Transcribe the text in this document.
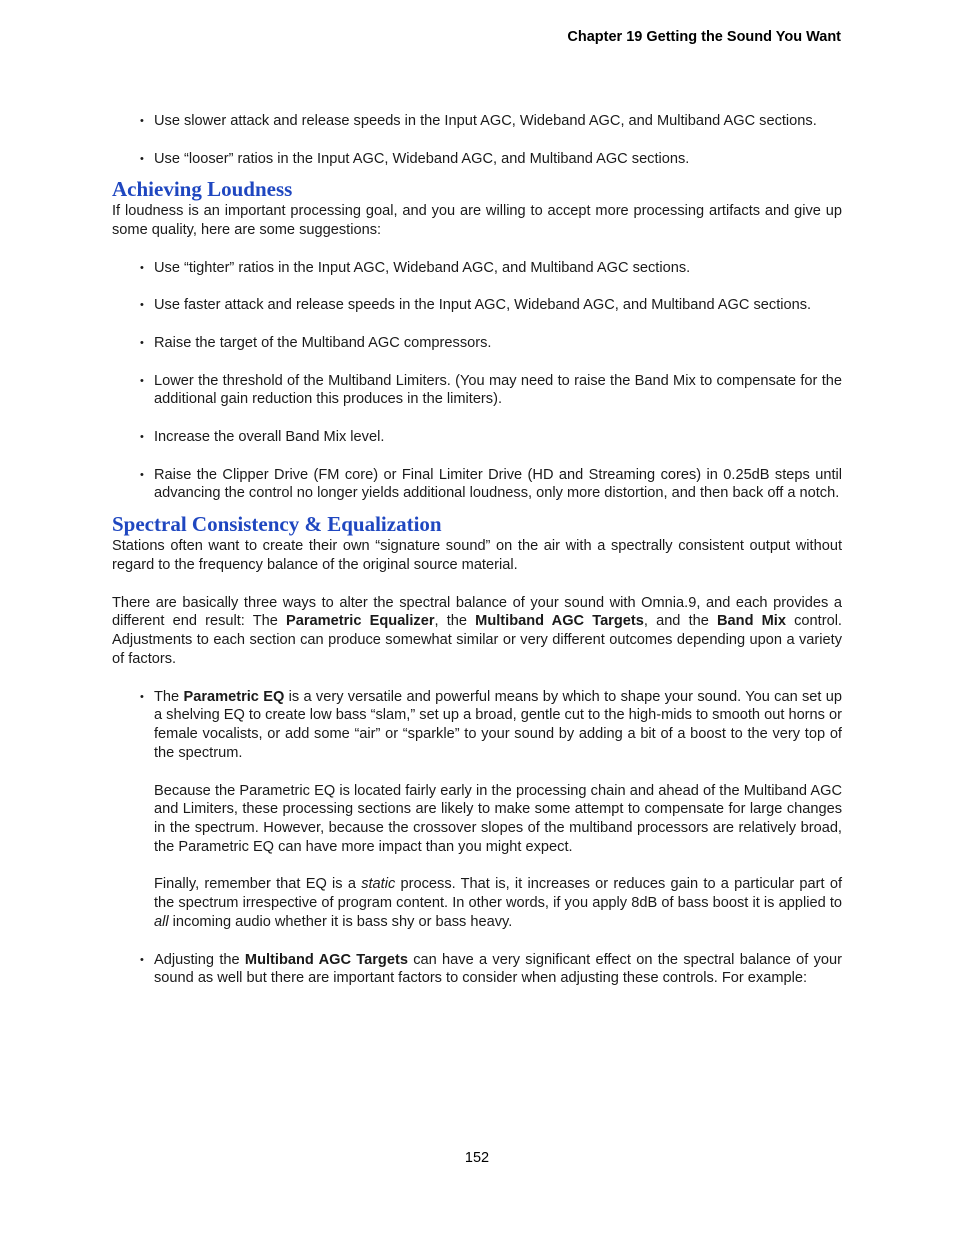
Chapter 19 Getting the Sound You Want
• Use slower attack and release speeds in the Input AGC, Wideband AGC, and Multiband AGC sections.
• Use “looser” ratios in the Input AGC, Wideband AGC, and Multiband AGC sections.
Achieving Loudness

If loudness is an important processing goal, and you are willing to accept more processing artifacts and give up some quality, here are some suggestions:

• Use “tighter” ratios in the Input AGC, Wideband AGC, and Multiband AGC sections.
• Use faster attack and release speeds in the Input AGC, Wideband AGC, and Multiband AGC sections.
• Raise the target of the Multiband AGC compressors.
• Lower the threshold of the Multiband Limiters. (You may need to raise the Band Mix to compensate for the additional gain reduction this produces in the limiters).
• Increase the overall Band Mix level.
• Raise the Clipper Drive (FM core) or Final Limiter Drive (HD and Streaming cores) in 0.25dB steps until advancing the control no longer yields additional loudness, only more distortion, and then back off a notch.
Spectral Consistency & Equalization

Stations often want to create their own “signature sound” on the air with a spectrally consistent output without regard to the frequency balance of the original source material.

There are basically three ways to alter the spectral balance of your sound with Omnia.9, and each provides a different end result: The Parametric Equalizer, the Multiband AGC Targets, and the Band Mix control. Adjustments to each section can produce somewhat similar or very different outcomes depending upon a variety of factors.

• The Parametric EQ is a very versatile and powerful means by which to shape your sound. You can set up a shelving EQ to create low bass “slam,” set up a broad, gentle cut to the high-mids to smooth out horns or female vocalists, or add some “air” or “sparkle” to your sound by adding a bit of a boost to the very top of the spectrum.

Because the Parametric EQ is located fairly early in the processing chain and ahead of the Multiband AGC and Limiters, these processing sections are likely to make some attempt to compensate for large changes in the spectrum. However, because the crossover slopes of the multiband processors are relatively broad, the Parametric EQ can have more impact than you might expect.

Finally, remember that EQ is a static process. That is, it increases or reduces gain to a particular part of the spectrum irrespective of program content. In other words, if you apply 8dB of bass boost it is applied to all incoming audio whether it is bass shy or bass heavy.

• Adjusting the Multiband AGC Targets can have a very significant effect on the spectral balance of your sound as well but there are important factors to consider when adjusting these controls. For example:
152
